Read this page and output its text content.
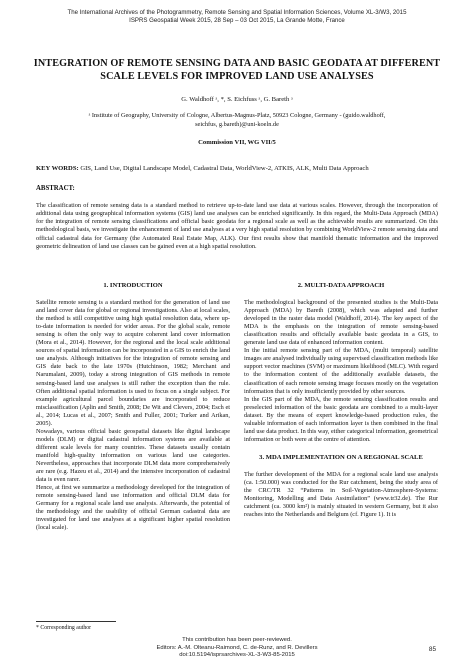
The International Archives of the Photogrammetry, Remote Sensing and Spatial Information Sciences, Volume XL-3/W3, 2015
ISPRS Geospatial Week 2015, 28 Sep – 03 Oct 2015, La Grande Motte, France
INTEGRATION OF REMOTE SENSING DATA AND BASIC GEODATA AT DIFFERENT
SCALE LEVELS FOR IMPROVED LAND USE ANALYSES
G. Waldhoff ᵃ, *, S. Eichfuss ᵃ, G. Bareth ᵃ
ᵃ Institute of Geography, University of Cologne, Albertus-Magnus-Platz, 50923 Cologne, Germany - (guido.waldhoff,
seichfus, g.bareth)@uni-koeln.de
Commission VII, WG VII/5
KEY WORDS: GIS, Land Use, Digital Landscape Model, Cadastral Data, WorldView-2, ATKIS, ALK, Multi Data Approach
ABSTRACT:

The classification of remote sensing data is a standard method to retrieve up-to-date land use data at various scales. However, through the incorporation of additional data using geographical information systems (GIS) land use analyses can be enriched significantly. In this regard, the Multi-Data Approach (MDA) for the integration of remote sensing classifications and official basic geodata for a regional scale as well as the achievable results are summarized. On this methodological basis, we investigate the enhancement of land use analyses at a very high spatial resolution by combining WorldView-2 remote sensing data and official cadastral data for Germany (the Automated Real Estate Map, ALK). Our first results show that manifold thematic information and the improved geometric delineation of land use classes can be gained even at a high spatial resolution.

1. INTRODUCTION

Satellite remote sensing is a standard method for the generation of land use and land cover data for global or regional investigations. Also at local scales, the method is still competitive using high spatial resolution data, where up-to-date information is needed for wider areas. For the global scale, remote sensing is often the only way to acquire coherent land cover information (Mora et al., 2014). However, for the regional and the local scale additional sources of spatial information can be incorporated in a GIS to enrich the land use analysis. Although initiatives for the integration of remote sensing and GIS date back to the late 1970s (Hutchinson, 1982; Merchant and Narumalani, 2009), today a strong integration of GIS methods in remote sensing-based land use analyses is still rather the exception than the rule. Often additional spatial information is used to focus on a single subject. For example agricultural parcel boundaries are incorporated to reduce misclassification (Aplin and Smith, 2008; De Wit and Clevers, 2004; Esch et al., 2014; Lucas et al., 2007; Smith and Fuller, 2001; Turker and Arikan, 2005).

Nowadays, various official basic geospatial datasets like digital landscape models (DLM) or digital cadastral information systems are available at different scale levels for many countries. These datasets usually contain manifold high-quality information on various land use categories. Nevertheless, approaches that incorporate DLM data more comprehensively are rare (e.g. Hazeu et al., 2014) and the intensive incorporation of cadastral data is even rarer.

Hence, at first we summarize a methodology developed for the integration of remote sensing-based land use information and official DLM data for Germany for a regional scale land use analysis. Afterwards, the potential of the methodology and the usability of official German cadastral data are investigated for land use analyses at a significant higher spatial resolution (local scale).

2. MULTI-DATA APPROACH

The methodological background of the presented studies is the Multi-Data Approach (MDA) by Bareth (2008), which was adapted and further developed in the raster data model (Waldhoff, 2014). The key aspect of the MDA is the emphasis on the integration of remote sensing-based classification results and officially available basic geodata in a GIS, to generate land use data of enhanced information content.

In the initial remote sensing part of the MDA, (multi temporal) satellite images are analysed individually using supervised classification methods like support vector machines (SVM) or maximum likelihood (MLC). With regard to the information content of the additionally available datasets, the classification of each remote sensing image focuses mostly on the vegetation information that is only insufficiently provided by other sources.

In the GIS part of the MDA, the remote sensing classification results and preselected information of the basic geodata are combined to a multi-layer dataset. By the means of expert knowledge-based production rules, the valuable information of each information layer is then combined in the final land use data product. In this way, either categorical information, geometrical information or both were at the centre of attention.

3. MDA IMPLEMENTATION ON A REGIONAL SCALE

The further development of the MDA for a regional scale land use analysis (ca. 1:50.000) was conducted for the Rur catchment, being the study area of the CRC/TR 32 “Patterns in Soil-Vegetation-Atmosphere-Systems: Monitoring, Modelling and Data Assimilation” (www.tr32.de). The Rur catchment (ca. 3000 km²) is mainly situated in western Germany, but it also reaches into the Netherlands and Belgium (cf. Figure 1). It is

* Corresponding author
This contribution has been peer-reviewed.
Editors: A.-M. Olteanu-Raimond, C. de-Runz, and R. Devillers
doi:10.5194/isprsarchives-XL-3-W3-85-2015
85
